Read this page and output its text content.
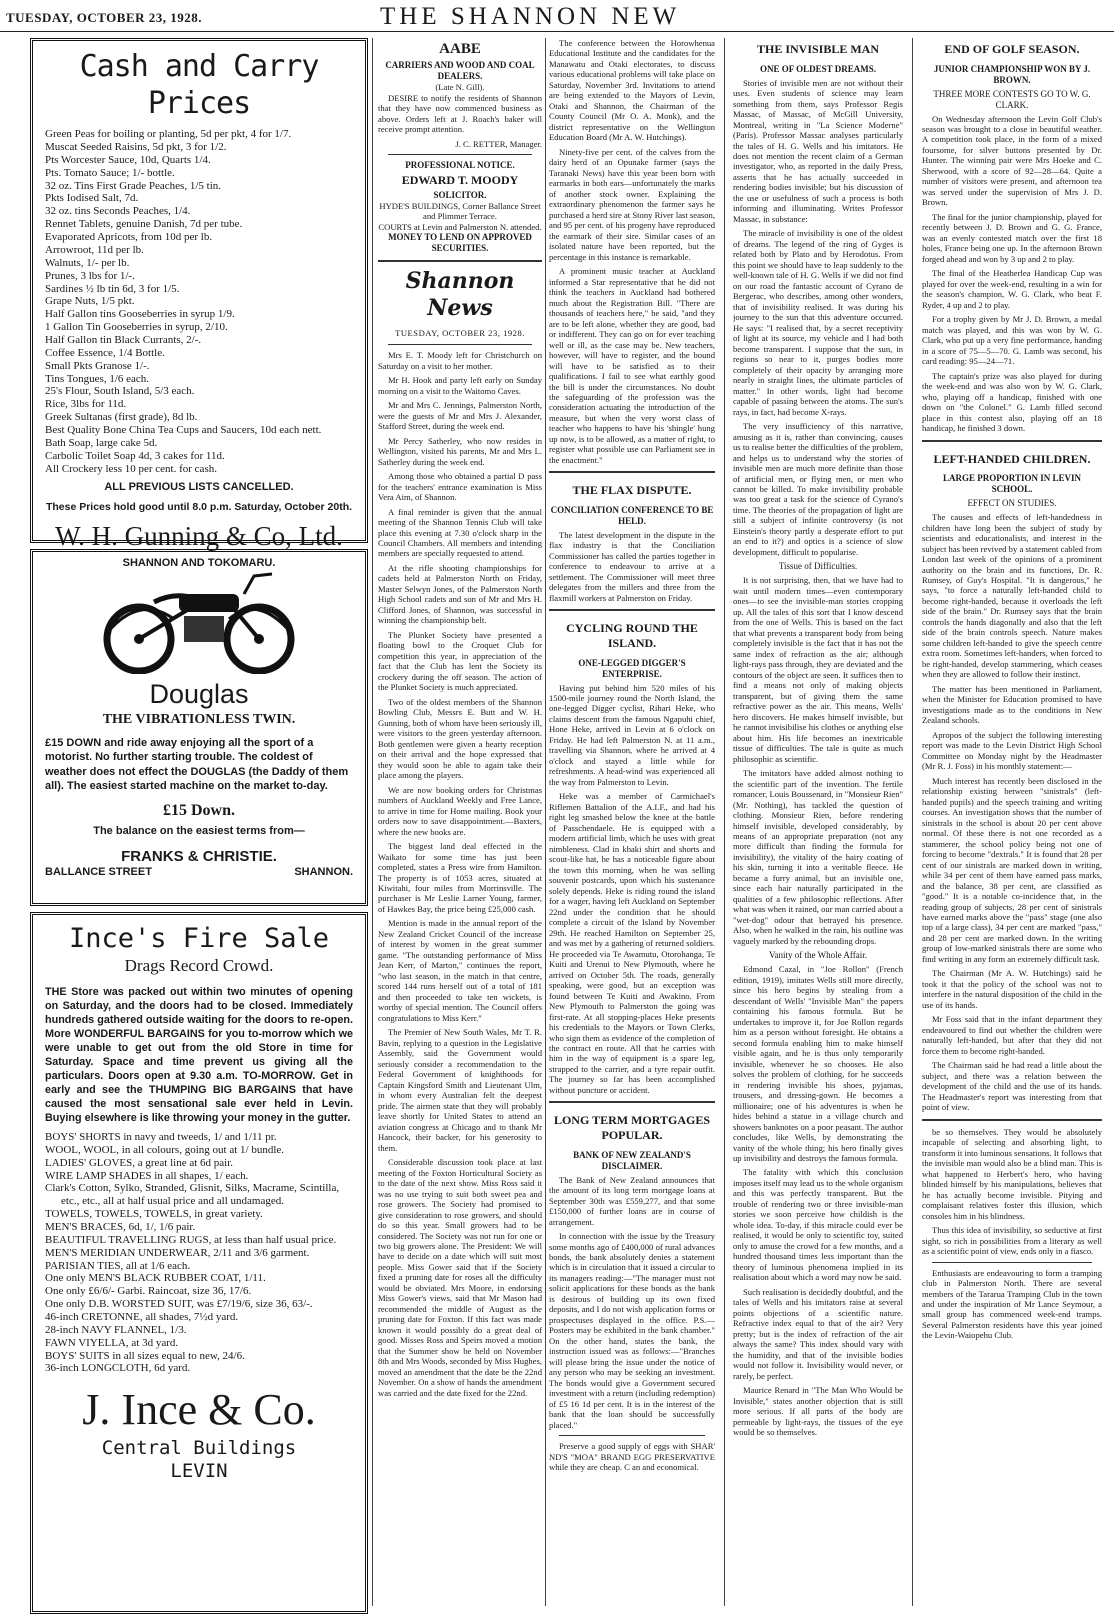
TUESDAY, OCTOBER 23, 1928.	THE SHANNON NEW
Cash and Carry Prices
Green Peas for boiling or planting, 5d per pkt, 4 for 1/7.
Muscat Seeded Raisins, 5d pkt, 3 for 1/2.
Pts Worcester Sauce, 10d, Quarts 1/4.
Pts. Tomato Sauce; 1/- bottle.
32 oz. Tins First Grade Peaches, 1/5 tin.
Pkts Iodised Salt, 7d.
32 oz. tins Seconds Peaches, 1/4.
Rennet Tablets, genuine Danish, 7d per tube.
Evaporated Apricots, from 10d per lb.
Arrowroot, 11d per lb.
Walnuts, 1/- per lb.
Prunes, 3 lbs for 1/-.
Sardines ½ lb tin 6d, 3 for 1/5.
Grape Nuts, 1/5 pkt.
Half Gallon tins Gooseberries in syrup 1/9.
1 Gallon Tin Gooseberries in syrup, 2/10.
Half Gallon tin Black Currants, 2/-.
Coffee Essence, 1/4 Bottle.
Small Pkts Granose 1/-.
Tins Tongues, 1/6 each.
25's Flour, South Island, 5/3 each.
Rice, 3lbs for 11d.
Greek Sultanas (first grade), 8d lb.
Best Quality Bone China Tea Cups and Saucers, 10d each nett.
Bath Soap, large cake 5d.
Carbolic Toilet Soap 4d, 3 cakes for 11d.
All Crockery less 10 per cent. for cash.
ALL PREVIOUS LISTS CANCELLED.
These Prices hold good until 8.0 p.m. Saturday, October 20th.
W. H. Gunning & Co, Ltd.
SHANNON AND TOKOMARU.
Douglas
THE VIBRATIONLESS TWIN.
£15 DOWN and ride away enjoying all the sport of a motorist. No further starting trouble. The coldest of weather does not effect the DOUGLAS (the Daddy of them all). The easiest started machine on the market to-day.
£15 Down.
The balance on the easiest terms from—
FRANKS & CHRISTIE.
BALLANCE STREET	SHANNON.
Ince's Fire Sale
Drags Record Crowd.
THE Store was packed out within two minutes of opening on Saturday, and the doors had to be closed. Immediately hundreds gathered outside waiting for the doors to re-open. More WONDERFUL BARGAINS for you to-morrow which we were unable to get out from the old Store in time for Saturday. Space and time prevent us giving all the particulars. Doors open at 9.30 a.m. TO-MORROW. Get in early and see the THUMPING BIG BARGAINS that have caused the most sensational sale ever held in Levin. Buying elsewhere is like throwing your money in the gutter.
BOYS' SHORTS in navy and tweeds, 1/ and 1/11 pr.
WOOL, WOOL, in all colours, going out at 1/ bundle.
LADIES' GLOVES, a great line at 6d pair.
WIRE LAMP SHADES in all shapes, 1/ each.
Clark's Cotton, Sylko, Stranded, Glisnit, Silks, Macrame, Scintilla, etc., etc., all at half usual price and all undamaged.
TOWELS, TOWELS, TOWELS, in great variety.
MEN'S BRACES, 6d, 1/, 1/6 pair.
BEAUTIFUL TRAVELLING RUGS, at less than half usual price.
MEN'S MERIDIAN UNDERWEAR, 2/11 and 3/6 garment.
PARISIAN TIES, all at 1/6 each.
One only MEN'S BLACK RUBBER COAT, 1/11.
One only £6/6/- Garbi. Raincoat, size 36, 17/6.
One only D.B. WORSTED SUIT, was £7/19/6, size 36, 63/-.
46-inch CRETONNE, all shades, 7½d yard.
28-inch NAVY FLANNEL, 1/3.
FAWN VIYELLA, at 3d yard.
BOYS' SUITS in all sizes equal to new, 24/6.
36-inch LONGCLOTH, 6d yard.
J. Ince & Co.
Central Buildings
LEVIN
AABE
CARRIERS AND WOOD AND COAL DEALERS.
(Late N. Gill).

DESIRE to notify the residents of Shannon that they have now commenced business as above. Orders left at J. Roach's baker will receive prompt attention.

J. C. RETTER, Manager.
PROFESSIONAL NOTICE.
EDWARD T. MOODY
SOLICITOR.
HYDE'S BUILDINGS, Corner Ballance Street and Plimmer Terrace.
COURTS at Levin and Palmerston N. attended.
MONEY TO LEND ON APPROVED SECURITIES.
Shannon News
TUESDAY, OCTOBER 23, 1928.

Mrs E. T. Moody left for Christchurch on Saturday on a visit to her mother.

Mr H. Hook and party left early on Sunday morning on a visit to the Waitomo Caves.

Mr and Mrs C. Jennings, Palmerston North, were the guests of Mr and Mrs J. Alexander, Stafford Street, during the week end.

Mr Percy Satherley, who now resides in Wellington, visited his parents, Mr and Mrs L. Satherley during the week end.

Among those who obtained a partial D pass for the teachers' entrance examination is Miss Vera Aim, of Shannon.

A final reminder is given that the annual meeting of the Shannon Tennis Club will take place this evening at 7.30 o'clock sharp in the Council Chambers. All members and intending members are specially requested to attend.

At the rifle shooting championships for cadets held at Palmerston North on Friday, Master Selwyn Jones, of the Palmerston North High School cadets and son of Mr and Mrs H. Clifford Jones, of Shannon, was successful in winning the championship belt.

The Plunket Society have presented a floating bowl to the Croquet Club for competition this year, in appreciation of the fact that the Club has lent the Society its crockery during the off season. The action of the Plunket Society is much appreciated.

Two of the oldest members of the Shannon Bowling Club, Messrs E. Butt and W. H. Gunning, both of whom have been seriously ill, were visitors to the green yesterday afternoon. Both gentlemen were given a hearty reception on their arrival and the hope expressed that they would soon be able to again take their place among the players.

We are now booking orders for Christmas numbers of Auckland Weekly and Free Lance, to arrive in time for Home mailing. Book your orders now to save disappointment.—Baxters, where the new books are.

The biggest land deal effected in the Waikato for some time has just been completed, states a Press wire from Hamilton. The property is of 1053 acres, situated at Kiwitahi, four miles from Morrinsville. The purchaser is Mr Leslie Larner Young, farmer, of Hawkes Bay, the price being £25,000 cash.

Mention is made in the annual report of the New Zealand Cricket Council of the increase of interest by women in the great summer game. "The outstanding performance of Miss Jean Kerr, of Marton," continues the report, "who last season, in the match in that centre, scored 144 runs herself out of a total of 181 and then proceeded to take ten wickets, is worthy of special mention. The Council offers congratulations to Miss Kerr."

The Premier of New South Wales, Mr T. R. Bavin, replying to a question in the Legislative Assembly, said the Government would seriously consider a recommendation to the Federal Government of knighthoods for Captain Kingsford Smith and Lieutenant Ulm, in whom every Australian felt the deepest pride. The airmen state that they will probably leave shortly for United States to attend an aviation congress at Chicago and to thank Mr Hancock, their backer, for his generosity to them.

Considerable discussion took place at last meeting of the Foxton Horticultural Society as to the date of the next show. Miss Ross said it was no use trying to suit both sweet pea and rose growers. The Society had promised to give consideration to rose growers, and should do so this year. Small growers had to be considered. The Society was not run for one or two big growers alone. The President: We will have to decide on a date which will suit most people. Miss Gower said that if the Society fixed a pruning date for roses all the difficulty would be obviated. Mrs Moore, in endorsing Miss Gower's views, said that Mr Mason had recommended the middle of August as the pruning date for Foxton. If this fact was made known it would possibly do a great deal of good. Misses Ross and Speirs moved a motion that the Summer show be held on November 8th and Mrs Woods, seconded by Miss Hughes, moved an amendment that the date be the 22nd November. On a show of hands the amendment was carried and the date fixed for the 22nd.

The conference between the Horowhenua Educational Institute and the candidates for the Manawatu and Otaki electorates, to discuss various educational problems will take place on Saturday, November 3rd. Invitations to attend are being extended to the Mayors of Levin, Otaki and Shannon, the Chairman of the County Council (Mr O. A. Monk), and the district representative on the Wellington Education Board (Mr A. W. Hutchings).

Ninety-five per cent. of the calves from the dairy herd of an Opunake farmer (says the Taranaki News) have this year been born with earmarks in both ears—unfortunately the marks of another stock owner. Explaining the extraordinary phenomenon the farmer says he purchased a herd sire at Stony River last season, and 95 per cent. of his progeny have reproduced the earmark of their sire. Similar cases of an isolated nature have been reported, but the percentage in this instance is remarkable.

A prominent music teacher at Auckland informed a Star representative that he did not think the teachers in Auckland had bothered much about the Registration Bill. "There are thousands of teachers here," he said, "and they are to be left alone, whether they are good, bad or indifferent. They can go on for ever teaching well or ill, as the case may be. New teachers, however, will have to register, and the bound will have to be satisfied as to their qualifications. I fail to see what earthly good the bill is under the circumstances. No doubt the safeguarding of the profession was the consideration actuating the introduction of the measure, but when the very worst class of teacher who happens to have his 'shingle' hung up now, is to be allowed, as a matter of right, to register what possible use can Parliament see in the enactment."

THE FLAX DISPUTE.
CONCILIATION CONFERENCE TO BE HELD.

The latest development in the dispute in the flax industry is that the Conciliation Commissioner has called the parties together in conference to endeavour to arrive at a settlement. The Commissioner will meet three delegates from the millers and three from the flaxmill workers at Palmerston on Friday.

CYCLING ROUND THE ISLAND.
ONE-LEGGED DIGGER'S ENTERPRISE.

Having put behind him 520 miles of his 1500-mile journey round the North Island, the one-legged Digger cyclist, Rihari Heke, who claims descent from the famous Ngapuhi chief, Hone Heke, arrived in Levin at 6 o'clock on Friday. He had left Palmerston N. at 11 a.m., travelling via Shannon, where he arrived at 4 o'clock and stayed a little while for refreshments. A head-wind was experienced all the way from Palmerston to Levin.

Heke was a member of Carmichael's Riflemen Battalion of the A.I.F., and had his right leg smashed below the knee at the battle of Passchendaele. He is equipped with a modern artificial limb, which he uses with great nimbleness. Clad in khaki shirt and shorts and scout-like hat, he has a noticeable figure about the town this morning, when he was selling souvenir postcards, upon which his sustenance solely depends. Heke is riding round the island for a wager, having left Auckland on September 22nd under the condition that he should complete a circuit of the Island by November 29th. He reached Hamilton on September 25, and was met by a gathering of returned soldiers. He proceeded via Te Awamutu, Otorohanga, Te Kuiti and Urenui to New Plymouth, where he arrived on October 5th. The roads, generally speaking, were good, but an exception was found between Te Kuiti and Awakino. From New Plymouth to Palmerston the going was first-rate. At all stopping-places Heke presents his credentials to the Mayors or Town Clerks, who sign them as evidence of the completion of the contract en route. All that he carries with him in the way of equipment is a spare leg, strapped to the carrier, and a tyre repair outfit. The journey so far has been accomplished without puncture or accident.

LONG TERM MORTGAGES POPULAR.
BANK OF NEW ZEALAND'S DISCLAIMER.

The Bank of New Zealand announces that the amount of its long term mortgage loans at September 30th was £559,277, and that some £150,000 of further loans are in course of arrangement.

In connection with the issue by the Treasury some months ago of £400,000 of rural advances bonds, the bank absolutely denies a statement which is in circulation that it issued a circular to its managers reading:—"The manager must not solicit applications for these bonds as the bank is desirous of building up its own fixed deposits, and I do not wish application forms or prospectuses displayed in the office. P.S.— Posters may be exhibited in the bank chamber." On the other hand, states the bank, the instruction issued was as follows:—"Branches will please bring the issue under the notice of any person who may be seeking an investment. The bonds would give a Government secured investment with a return (including redemption) of £5 16 1d per cent. It is in the interest of the bank that the loan should be successfully placed."

Preserve a good supply of eggs with SHAR' ND'S "MOA" BRAND EGG PRESERVATIVE while they are cheap. C an and economical.

THE INVISIBLE MAN
ONE OF OLDEST DREAMS.

Stories of invisible men are not without their uses. Even students of science may learn something from them, says Professor Regis Massac, of Massac, of McGill University, Montreal, writing in "La Science Moderne" (Paris). Professor Massac analyses particularly the tales of H. G. Wells and his imitators. He does not mention the recent claim of a German investigator, who, as reported in the daily Press, asserts that he has actually succeeded in rendering bodies invisible; but his discussion of the use or usefulness of such a process is both informing and illuminating. Writes Professor Massac, in substance:

The miracle of invisibility is one of the oldest of dreams. The legend of the ring of Gyges is related both by Plato and by Herodotus. From this point we should have to leap suddenly to the well-known tale of H. G. Wells if we did not find on our road the fantastic account of Cyrano de Bergerac, who describes, among other wonders, that of invisibility realised. It was during his journey to the sun that this adventure occurred. He says: "I realised that, by a secret receptivity of light at its source, my vehicle and I had both become transparent. I suppose that the sun, in regions so near to it, purges bodies more completely of their opacity by arranging more nearly in straight lines, the ultimate particles of matter." In other words, light had become capable of passing between the atoms. The sun's rays, in fact, had become X-rays.

The very insufficiency of this narrative, amusing as it is, rather than convincing, causes us to realise better the difficulties of the problem, and helps us to understand why the stories of invisible men are much more definite than those of artificial men, or flying men, or men who cannot be killed. To make invisibility probable was too great a task for the science of Cyrano's time. The theories of the propagation of light are still a subject of infinite controversy (is not Einstein's theory partly a desperate effort to put an end to it?) and optics is a science of slow development, difficult to popularise.

Tissue of Difficulties.

It is not surprising, then, that we have had to wait until modern times—even contemporary ones—to see the invisible-man stories cropping up. All the tales of this sort that I know descend from the one of Wells. This is based on the fact that what prevents a transparent body from being completely invisible is the fact that it has not the same index of refraction as the air; although light-rays pass through, they are deviated and the contours of the object are seen. It suffices then to find a means not only of making objects transparent, but of giving them the same refractive power as the air. This means, Wells' hero discovers. He makes himself invisible, but he cannot invisibilise his clothes or anything else about him. His life becomes an inextricable tissue of difficulties. The tale is quite as much philosophic as scientific.

The imitators have added almost nothing to the scientific part of the invention. The fertile romancer, Louis Boussenard, in "Monsieur Rien" (Mr. Nothing), has tackled the question of clothing. Monsieur Rien, before rendering himself invisible, developed considerably, by means of an appropriate preparation (not any more difficult than finding the formula for invisibility), the vitality of the hairy coating of his skin, turning it into a veritable fleece. He became a furry animal, but an invisible one, since each hair naturally participated in the qualities of a few philosophic reflections. After what was when it rained, our man carried about a "wet-dog" odour that betrayed his presence. Also, when he walked in the rain, his outline was vaguely marked by the rebounding drops.

Vanity of the Whole Affair.

Edmond Cazal, in "Joe Rollon" (French edition, 1919), imitates Wells still more directly, since his hero begins by stealing from a descendant of Wells' "Invisible Man" the papers containing his famous formula. But he undertakes to improve it, for Joe Rollon regards him as a person without foresight. He obtains a second formula enabling him to make himself visible again, and he is thus only temporarily invisible, whenever he so chooses. He also solves the problem of clothing, for he succeeds in rendering invisible his shoes, pyjamas, trousers, and dressing-gown. He becomes a millionaire; one of his adventures is when he hides behind a statue in a village church and showers banknotes on a poor peasant. The author concludes, like Wells, by demonstrating the vanity of the whole thing; his hero finally gives up invisibility and destroys the famous formula.

The fatality with which this conclusion imposes itself may lead us to the whole organism and this was perfectly transparent. But the trouble of rendering two or three invisible-man stories we soon perceive how childish is the whole idea. To-day, if this miracle could ever be realised, it would be only to scientific toy, suited only to amuse the crowd for a few months, and a hundred thousand times less important than the theory of luminous phenomena implied in its realisation about which a word may now be said.

Such realisation is decidedly doubtful, and the tales of Wells and his imitators raise at several points objections of a scientific nature. Refractive index equal to that of the air? Very pretty; but is the index of refraction of the air always the same? This index should vary with the humidity, and that of the invisible bodies would not follow it. Invisibility would never, or rarely, be perfect.

Maurice Renard in "The Man Who Would be Invisible," states another objection that is still more serious. If all parts of the body are permeable by light-rays, the tissues of the eye would be so themselves.

END OF GOLF SEASON.
JUNIOR CHAMPIONSHIP WON BY J. BROWN.
THREE MORE CONTESTS GO TO W. G. CLARK.

On Wednesday afternoon the Levin Golf Club's season was brought to a close in beautiful weather. A competition took place, in the form of a mixed foursome, for silver buttons presented by Dr. Hunter. The winning pair were Mrs Hoeke and C. Sherwood, with a score of 92—28—64. Quite a number of visitors were present, and afternoon tea was served under the supervision of Mrs J. D. Brown.

The final for the junior championship, played for recently between J. D. Brown and G. G. France, was an evenly contested match over the first 18 holes, France being one up. In the afternoon Brown forged ahead and won by 3 up and 2 to play.

The final of the Heatherlea Handicap Cup was played for over the week-end, resulting in a win for the season's champion, W. G. Clark, who beat F. Ryder, 4 up and 2 to play.

For a trophy given by Mr J. D. Brown, a medal match was played, and this was won by W. G. Clark, who put up a very fine performance, handing in a score of 75—5—70. G. Lamb was second, his card reading: 95—24—71.

The captain's prize was also played for during the week-end and was also won by W. G. Clark, who, playing off a handicap, finished with one down on "the Colonel." G. Lamb filled second place in this contest also, playing off an 18 handicap, he finished 3 down.

LEFT-HANDED CHILDREN.
LARGE PROPORTION IN LEVIN SCHOOL.
EFFECT ON STUDIES.

The causes and effects of left-handedness in children have long been the subject of study by scientists and educationalists, and interest in the subject has been revived by a statement cabled from London last week of the opinions of a prominent authority on the brain and its functions, Dr. R. Rumsey, of Guy's Hospital. "It is dangerous," he says, "to force a naturally left-handed child to become right-handed, because it overloads the left side of the brain." Dr. Rumsey says that the brain controls the hands diagonally and also that the left side of the brain controls speech. Nature makes some children left-handed to give the speech centre extra room. Sometimes left-handers, when forced to be right-handed, develop stammering, which ceases when they are allowed to follow their instinct.

The matter has been mentioned in Parliament, when the Minister for Education promised to have investigations made as to the conditions in New Zealand schools.

Apropos of the subject the following interesting report was made to the Levin District High School Committee on Monday night by the Headmaster (Mr R. J. Foss) in his monthly statement:—

Much interest has recently been disclosed in the relationship existing between "sinistrals" (left-handed pupils) and the speech training and writing courses. An investigation shows that the number of sinistrals in the school is about 20 per cent above normal. Of these there is not one recorded as a stammerer, the school policy being not one of forcing to become "dextrals." It is found that 28 per cent of our sinistrals are marked down in writing, while 34 per cent of them have earned pass marks, and the balance, 38 per cent, are classified as "good." It is a notable co-incidence that, in the reading group of subjects, 28 per cent of sinistrals have earned marks above the "pass" stage (one also top of a large class), 34 per cent are marked "pass," and 28 per cent are marked down. In the writing group of low-marked sinistrals there are some who find writing in any form an extremely difficult task.

The Chairman (Mr A. W. Hutchings) said he took it that the policy of the school was not to interfere in the natural disposition of the child in the use of its hands.

Mr Foss said that in the infant department they endeavoured to find out whether the children were naturally left-handed, but after that they did not force them to become right-handed.

The Chairman said he had read a little about the subject, and there was a relation between the development of the child and the use of its hands. The Headmaster's report was interesting from that point of view.

be so themselves. They would be absolutely incapable of selecting and absorbing light, to transform it into luminous sensations. It follows that the invisible man would also be a blind man. This is what happened to Herbert's hero, who having blinded himself by his manipulations, believes that he has actually become invisible. Pitying and complaisant relatives foster this illusion, which consoles him in his blindness.

Thus this idea of invisibility, so seductive at first sight, so rich in possibilities from a literary as well as a scientific point of view, ends only in a fiasco.

Enthusiasts are endeavouring to form a tramping club in Palmerston North. There are several members of the Tararua Tramping Club in the town and under the inspiration of Mr Lance Seymour, a small group has commenced week-end tramps. Several Palmerston residents have this year joined the Levin-Waiopehu Club.
